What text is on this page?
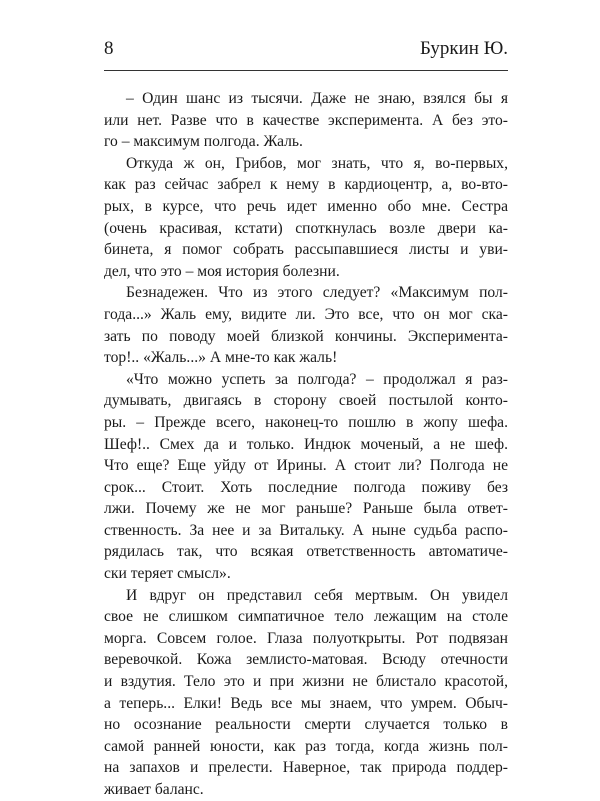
8	Буркин Ю.
– Один шанс из тысячи. Даже не знаю, взялся бы я
или нет. Разве что в качестве эксперимента. А без это-
го – максимум полгода. Жаль.
Откуда ж он, Грибов, мог знать, что я, во-первых,
как раз сейчас забрел к нему в кардиоцентр, а, во-вто-
рых, в курсе, что речь идет именно обо мне. Сестра
(очень красивая, кстати) споткнулась возле двери ка-
бинета, я помог собрать рассыпавшиеся листы и уви-
дел, что это – моя история болезни.
Безнадежен. Что из этого следует? «Максимум пол-
года...» Жаль ему, видите ли. Это все, что он мог ска-
зать по поводу моей близкой кончины. Эксперимента-
тор!.. «Жаль...» А мне-то как жаль!
«Что можно успеть за полгода? – продолжал я раз-
думывать, двигаясь в сторону своей постылой конто-
ры. – Прежде всего, наконец-то пошлю в жопу шефа.
Шеф!.. Смех да и только. Индюк моченый, а не шеф.
Что еще? Еще уйду от Ирины. А стоит ли? Полгода не
срок... Стоит. Хоть последние полгода поживу без
лжи. Почему же не мог раньше? Раньше была ответ-
ственность. За нее и за Витальку. А ныне судьба распо-
рядилась так, что всякая ответственность автоматиче-
ски теряет смысл».
И вдруг он представил себя мертвым. Он увидел
свое не слишком симпатичное тело лежащим на столе
морга. Совсем голое. Глаза полуоткрыты. Рот подвязан
веревочкой. Кожа землисто-матовая. Всюду отечности
и вздутия. Тело это и при жизни не блистало красотой,
а теперь... Елки! Ведь все мы знаем, что умрем. Обыч-
но осознание реальности смерти случается только в
самой ранней юности, как раз тогда, когда жизнь пол-
на запахов и прелести. Наверное, так природа поддер-
живает баланс.
